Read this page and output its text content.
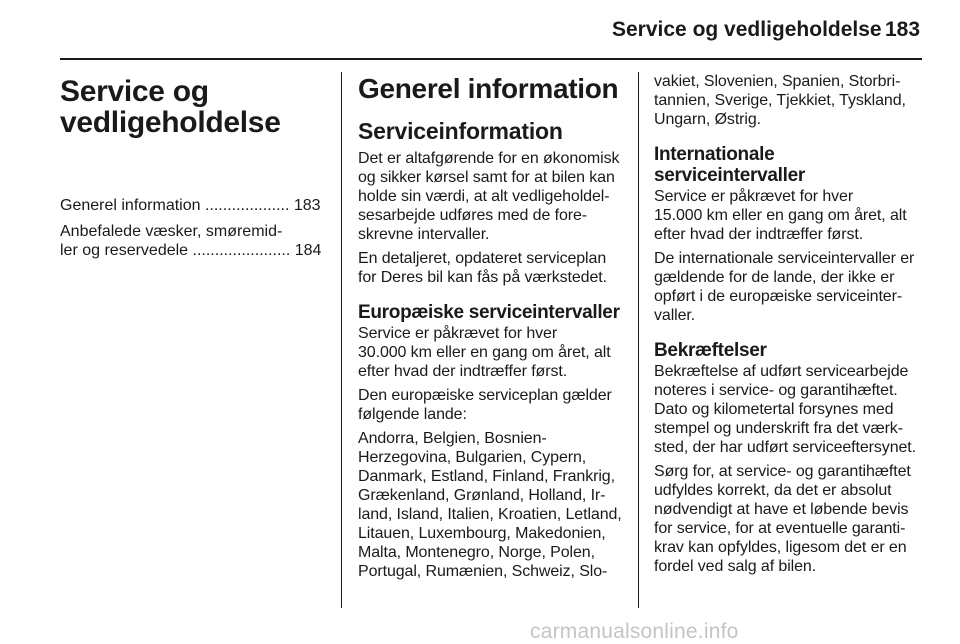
Service og vedligeholdelse 183
Service og
vedligeholdelse
Generel information ................... 183
Anbefalede væsker, smøremid-
ler og reservedele ...................... 184
Generel information
Serviceinformation

Det er altafgørende for en økonomisk
og sikker kørsel samt for at bilen kan
holde sin værdi, at alt vedligeholdel-
sesarbejde udføres med de fore-
skrevne intervaller.

En detaljeret, opdateret serviceplan
for Deres bil kan fås på værkstedet.

Europæiske serviceintervaller

Service er påkrævet for hver
30.000 km eller en gang om året, alt
efter hvad der indtræffer først.

Den europæiske serviceplan gælder
følgende lande:

Andorra, Belgien, Bosnien-
Herzegovina, Bulgarien, Cypern,
Danmark, Estland, Finland, Frankrig,
Grækenland, Grønland, Holland, Ir-
land, Island, Italien, Kroatien, Letland,
Litauen, Luxembourg, Makedonien,
Malta, Montenegro, Norge, Polen,
Portugal, Rumænien, Schweiz, Slo-

vakiet, Slovenien, Spanien, Storbri-
tannien, Sverige, Tjekkiet, Tyskland,
Ungarn, Østrig.

Internationale serviceintervaller

Service er påkrævet for hver
15.000 km eller en gang om året, alt
efter hvad der indtræffer først.

De internationale serviceintervaller er
gældende for de lande, der ikke er
opført i de europæiske serviceinter-
valler.

Bekræftelser

Bekræftelse af udført servicearbejde
noteres i service- og garantihæftet.
Dato og kilometertal forsynes med
stempel og underskrift fra det værk-
sted, der har udført serviceeftersynet.

Sørg for, at service- og garantihæftet
udfyldes korrekt, da det er absolut
nødvendigt at have et løbende bevis
for service, for at eventuelle garanti-
krav kan opfyldes, ligesom det er en
fordel ved salg af bilen.

carmanualsonline.info
